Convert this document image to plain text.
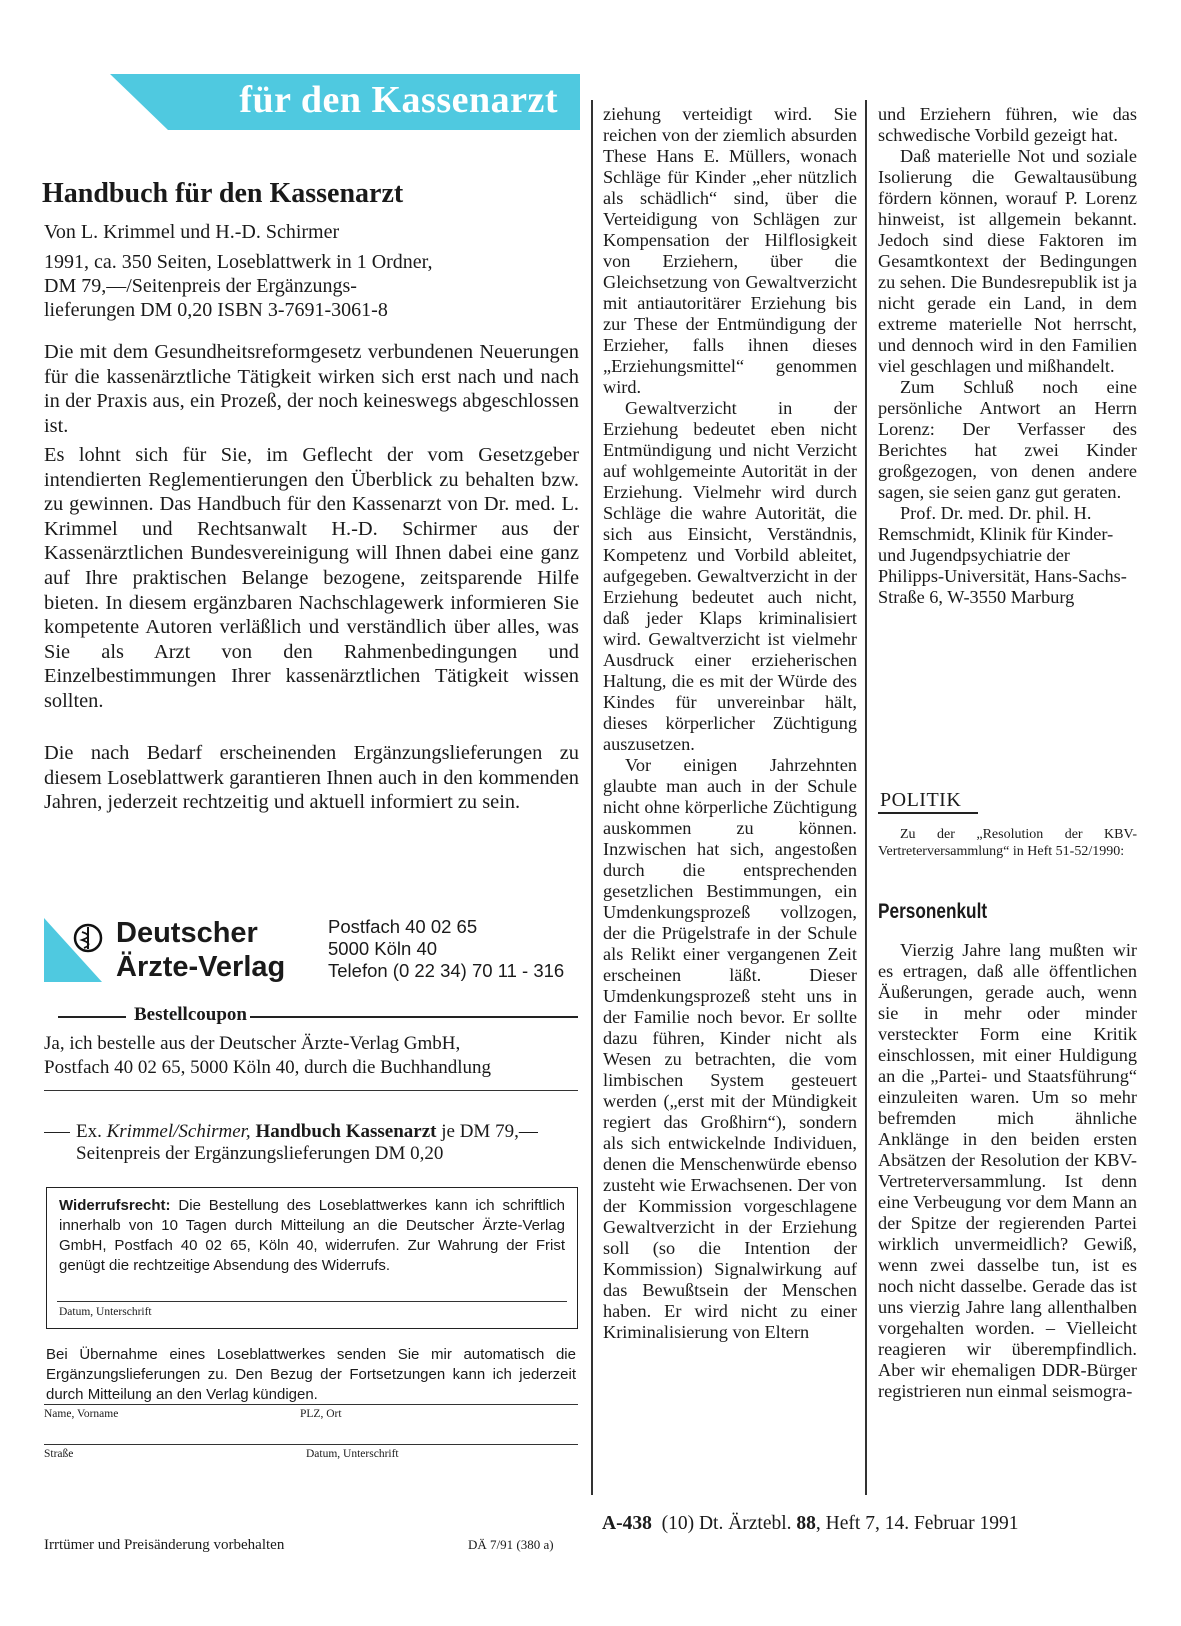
für den Kassenarzt
Handbuch für den Kassenarzt
Von L. Krimmel und H.-D. Schirmer
1991, ca. 350 Seiten, Loseblattwerk in 1 Ordner,
DM 79,—/Seitenpreis der Ergänzungs-
lieferungen DM 0,20 ISBN 3-7691-3061-8
Die mit dem Gesundheitsreformgesetz verbundenen Neuerungen für die kassenärztliche Tätigkeit wirken sich erst nach und nach in der Praxis aus, ein Prozeß, der noch keineswegs abgeschlossen ist.
Es lohnt sich für Sie, im Geflecht der vom Gesetzgeber intendierten Reglementierungen den Überblick zu behalten bzw. zu gewinnen. Das Handbuch für den Kassenarzt von Dr. med. L. Krimmel und Rechtsanwalt H.-D. Schirmer aus der Kassenärztlichen Bundesvereinigung will Ihnen dabei eine ganz auf Ihre praktischen Belange bezogene, zeitsparende Hilfe bieten. In diesem ergänzbaren Nachschlagewerk informieren Sie kompetente Autoren verläßlich und verständlich über alles, was Sie als Arzt von den Rahmenbedingungen und Einzelbestimmungen Ihrer kassenärztlichen Tätigkeit wissen sollten.
Die nach Bedarf erscheinenden Ergänzungslieferungen zu diesem Loseblattwerk garantieren Ihnen auch in den kommenden Jahren, jederzeit rechtzeitig und aktuell informiert zu sein.
Deutscher
Ärzte-Verlag
Postfach 40 02 65
5000 Köln 40
Telefon (0 22 34) 70 11 - 316
Bestellcoupon
Ja, ich bestelle aus der Deutscher Ärzte-Verlag GmbH,
Postfach 40 02 65, 5000 Köln 40, durch die Buchhandlung
Ex. Krimmel/Schirmer, Handbuch Kassenarzt je DM 79,—
Seitenpreis der Ergänzungslieferungen DM 0,20
Widerrufsrecht: Die Bestellung des Loseblattwerkes kann ich schriftlich innerhalb von 10 Tagen durch Mitteilung an die Deutscher Ärzte-Verlag GmbH, Postfach 40 02 65, Köln 40, widerrufen. Zur Wahrung der Frist genügt die rechtzeitige Absendung des Widerrufs.
Datum, Unterschrift
Bei Übernahme eines Loseblattwerkes senden Sie mir automatisch die Ergänzungslieferungen zu. Den Bezug der Fortsetzungen kann ich jederzeit durch Mitteilung an den Verlag kündigen.
Name, Vorname	PLZ, Ort
Straße	Datum, Unterschrift
Irrtümer und Preisänderung vorbehalten	DÄ 7/91 (380 a)

ziehung verteidigt wird. Sie reichen von der ziemlich absurden These Hans E. Müllers, wonach Schläge für Kinder „eher nützlich als schädlich“ sind, über die Verteidigung von Schlägen zur Kompensation der Hilflosigkeit von Erziehern, über die Gleichsetzung von Gewaltverzicht mit antiautoritärer Erziehung bis zur These der Entmündigung der Erzieher, falls ihnen dieses „Erziehungsmittel“ genommen wird.

Gewaltverzicht in der Erziehung bedeutet eben nicht Entmündigung und nicht Verzicht auf wohlgemeinte Autorität in der Erziehung. Vielmehr wird durch Schläge die wahre Autorität, die sich aus Einsicht, Verständnis, Kompetenz und Vorbild ableitet, aufgegeben. Gewaltverzicht in der Erziehung bedeutet auch nicht, daß jeder Klaps kriminalisiert wird. Gewaltverzicht ist vielmehr Ausdruck einer erzieherischen Haltung, die es mit der Würde des Kindes für unvereinbar hält, dieses körperlicher Züchtigung auszusetzen.

Vor einigen Jahrzehnten glaubte man auch in der Schule nicht ohne körperliche Züchtigung auskommen zu können. Inzwischen hat sich, angestoßen durch die entsprechenden gesetzlichen Bestimmungen, ein Umdenkungsprozeß vollzogen, der die Prügelstrafe in der Schule als Relikt einer vergangenen Zeit erscheinen läßt. Dieser Umdenkungsprozeß steht uns in der Familie noch bevor. Er sollte dazu führen, Kinder nicht als Wesen zu betrachten, die vom limbischen System gesteuert werden („erst mit der Mündigkeit regiert das Großhirn“), sondern als sich entwickelnde Individuen, denen die Menschenwürde ebenso zusteht wie Erwachsenen. Der von der Kommission vorgeschlagene Gewaltverzicht in der Erziehung soll (so die Intention der Kommission) Signalwirkung auf das Bewußtsein der Menschen haben. Er wird nicht zu einer Kriminalisierung von Eltern

und Erziehern führen, wie das schwedische Vorbild gezeigt hat.

Daß materielle Not und soziale Isolierung die Gewaltausübung fördern können, worauf P. Lorenz hinweist, ist allgemein bekannt. Jedoch sind diese Faktoren im Gesamtkontext der Bedingungen zu sehen. Die Bundesrepublik ist ja nicht gerade ein Land, in dem extreme materielle Not herrscht, und dennoch wird in den Familien viel geschlagen und mißhandelt.

Zum Schluß noch eine persönliche Antwort an Herrn Lorenz: Der Verfasser des Berichtes hat zwei Kinder großgezogen, von denen andere sagen, sie seien ganz gut geraten.

Prof. Dr. med. Dr. phil. H. Remschmidt, Klinik für Kinder- und Jugendpsychiatrie der Philipps-Universität, Hans-Sachs-Straße 6, W-3550 Marburg

POLITIK
Zu der „Resolution der KBV-Vertreterversammlung“ in Heft 51-52/1990:
Personenkult
Vierzig Jahre lang mußten wir es ertragen, daß alle öffentlichen Äußerungen, gerade auch, wenn sie in mehr oder minder versteckter Form eine Kritik einschlossen, mit einer Huldigung an die „Partei- und Staatsführung“ einzuleiten waren. Um so mehr befremden mich ähnliche Anklänge in den beiden ersten Absätzen der Resolution der KBV-Vertreterversammlung. Ist denn eine Verbeugung vor dem Mann an der Spitze der regierenden Partei wirklich unvermeidlich? Gewiß, wenn zwei dasselbe tun, ist es noch nicht dasselbe. Gerade das ist uns vierzig Jahre lang allenthalben vorgehalten worden. – Vielleicht reagieren wir überempfindlich. Aber wir ehemaligen DDR-Bürger registrieren nun einmal seismogra-
A-438  (10) Dt. Ärztebl. 88, Heft 7, 14. Februar 1991
